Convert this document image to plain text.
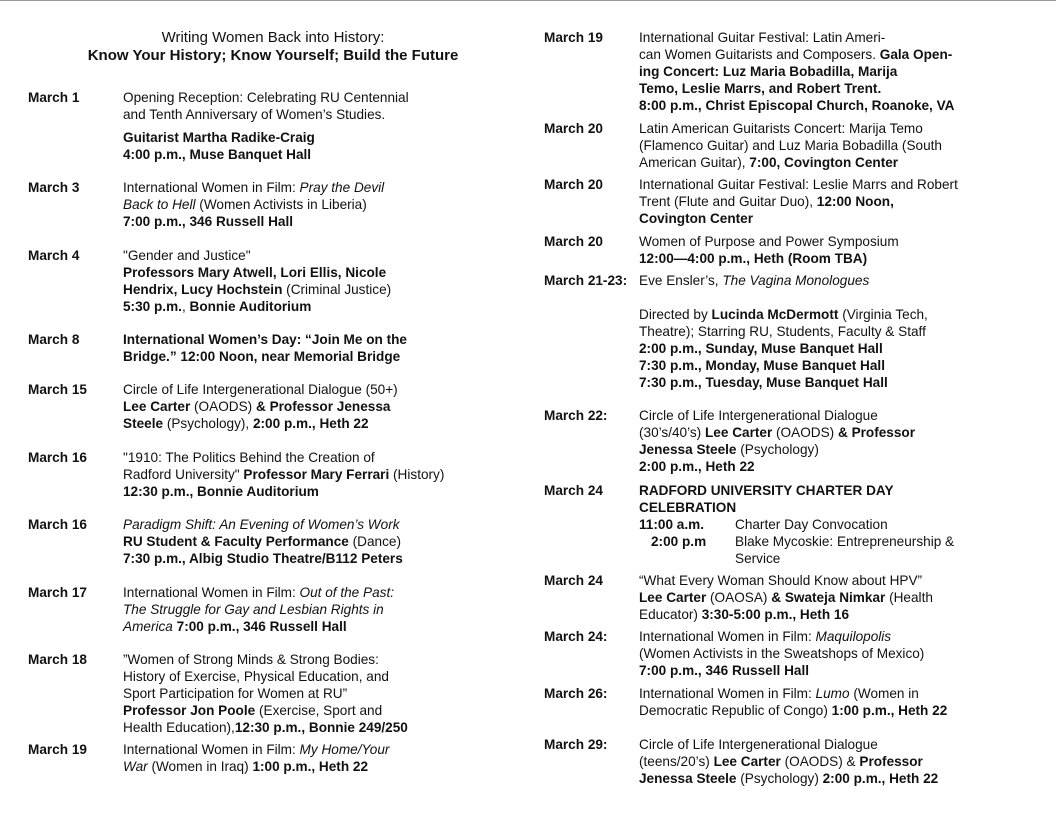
Writing Women Back into History:
Know Your History; Know Yourself; Build the Future
March 1	Opening Reception: Celebrating RU Centennial
and Tenth Anniversary of Women’s Studies.
Guitarist Martha Radike-Craig
4:00 p.m., Muse Banquet Hall
March 3	International Women in Film: Pray the Devil
Back to Hell (Women Activists in Liberia)
7:00 p.m., 346 Russell Hall
March 4	"Gender and Justice"
Professors Mary Atwell, Lori Ellis, Nicole
Hendrix, Lucy Hochstein (Criminal Justice)
5:30 p.m., Bonnie Auditorium
March 8	International Women’s Day: “Join Me on the
Bridge.” 12:00 Noon, near Memorial Bridge
March 15	Circle of Life Intergenerational Dialogue (50+)
Lee Carter (OAODS) & Professor Jenessa
Steele (Psychology), 2:00 p.m., Heth 22
March 16	"1910: The Politics Behind the Creation of
Radford University" Professor Mary Ferrari (History)
12:30 p.m., Bonnie Auditorium
March 16	Paradigm Shift: An Evening of Women’s Work
RU Student & Faculty Performance (Dance)
7:30 p.m., Albig Studio Theatre/B112 Peters
March 17	International Women in Film: Out of the Past:
The Struggle for Gay and Lesbian Rights in
America 7:00 p.m., 346 Russell Hall
March 18	”Women of Strong Minds & Strong Bodies:
History of Exercise, Physical Education, and
Sport Participation for Women at RU”
Professor Jon Poole (Exercise, Sport and
Health Education),12:30 p.m., Bonnie 249/250
March 19	International Women in Film: My Home/Your
War (Women in Iraq) 1:00 p.m., Heth 22
March 19	International Guitar Festival: Latin Ameri-
can Women Guitarists and Composers. Gala Open-
ing Concert: Luz Maria Bobadilla, Marija
Temo, Leslie Marrs, and Robert Trent.
8:00 p.m., Christ Episcopal Church, Roanoke, VA
March 20	Latin American Guitarists Concert: Marija Temo
(Flamenco Guitar) and Luz Maria Bobadilla (South
American Guitar), 7:00, Covington Center
March 20	International Guitar Festival: Leslie Marrs and Robert
Trent (Flute and Guitar Duo), 12:00 Noon,
Covington Center
March 20	Women of Purpose and Power Symposium
12:00—4:00 p.m., Heth (Room TBA)
March 21-23: Eve Ensler’s, The Vagina Monologues
Directed by Lucinda McDermott (Virginia Tech,
Theatre); Starring RU, Students, Faculty & Staff
2:00 p.m., Sunday, Muse Banquet Hall
7:30 p.m., Monday, Muse Banquet Hall
7:30 p.m., Tuesday, Muse Banquet Hall
March 22: Circle of Life Intergenerational Dialogue
(30’s/40’s) Lee Carter (OAODS) & Professor
Jenessa Steele (Psychology)
2:00 p.m., Heth 22
March 24	RADFORD UNIVERSITY CHARTER DAY
CELEBRATION
11:00 a.m.	Charter Day Convocation
2:00 p.m	Blake Mycoskie: Entrepreneurship &
Service
March 24	“What Every Woman Should Know about HPV”
Lee Carter (OAOSA) & Swateja Nimkar (Health
Educator) 3:30-5:00 p.m., Heth 16
March 24: International Women in Film: Maquilopolis
(Women Activists in the Sweatshops of Mexico)
7:00 p.m., 346 Russell Hall
March 26: International Women in Film: Lumo (Women in
Democratic Republic of Congo) 1:00 p.m., Heth 22
March 29: Circle of Life Intergenerational Dialogue
(teens/20’s) Lee Carter (OAODS) & Professor
Jenessa Steele (Psychology) 2:00 p.m., Heth 22
